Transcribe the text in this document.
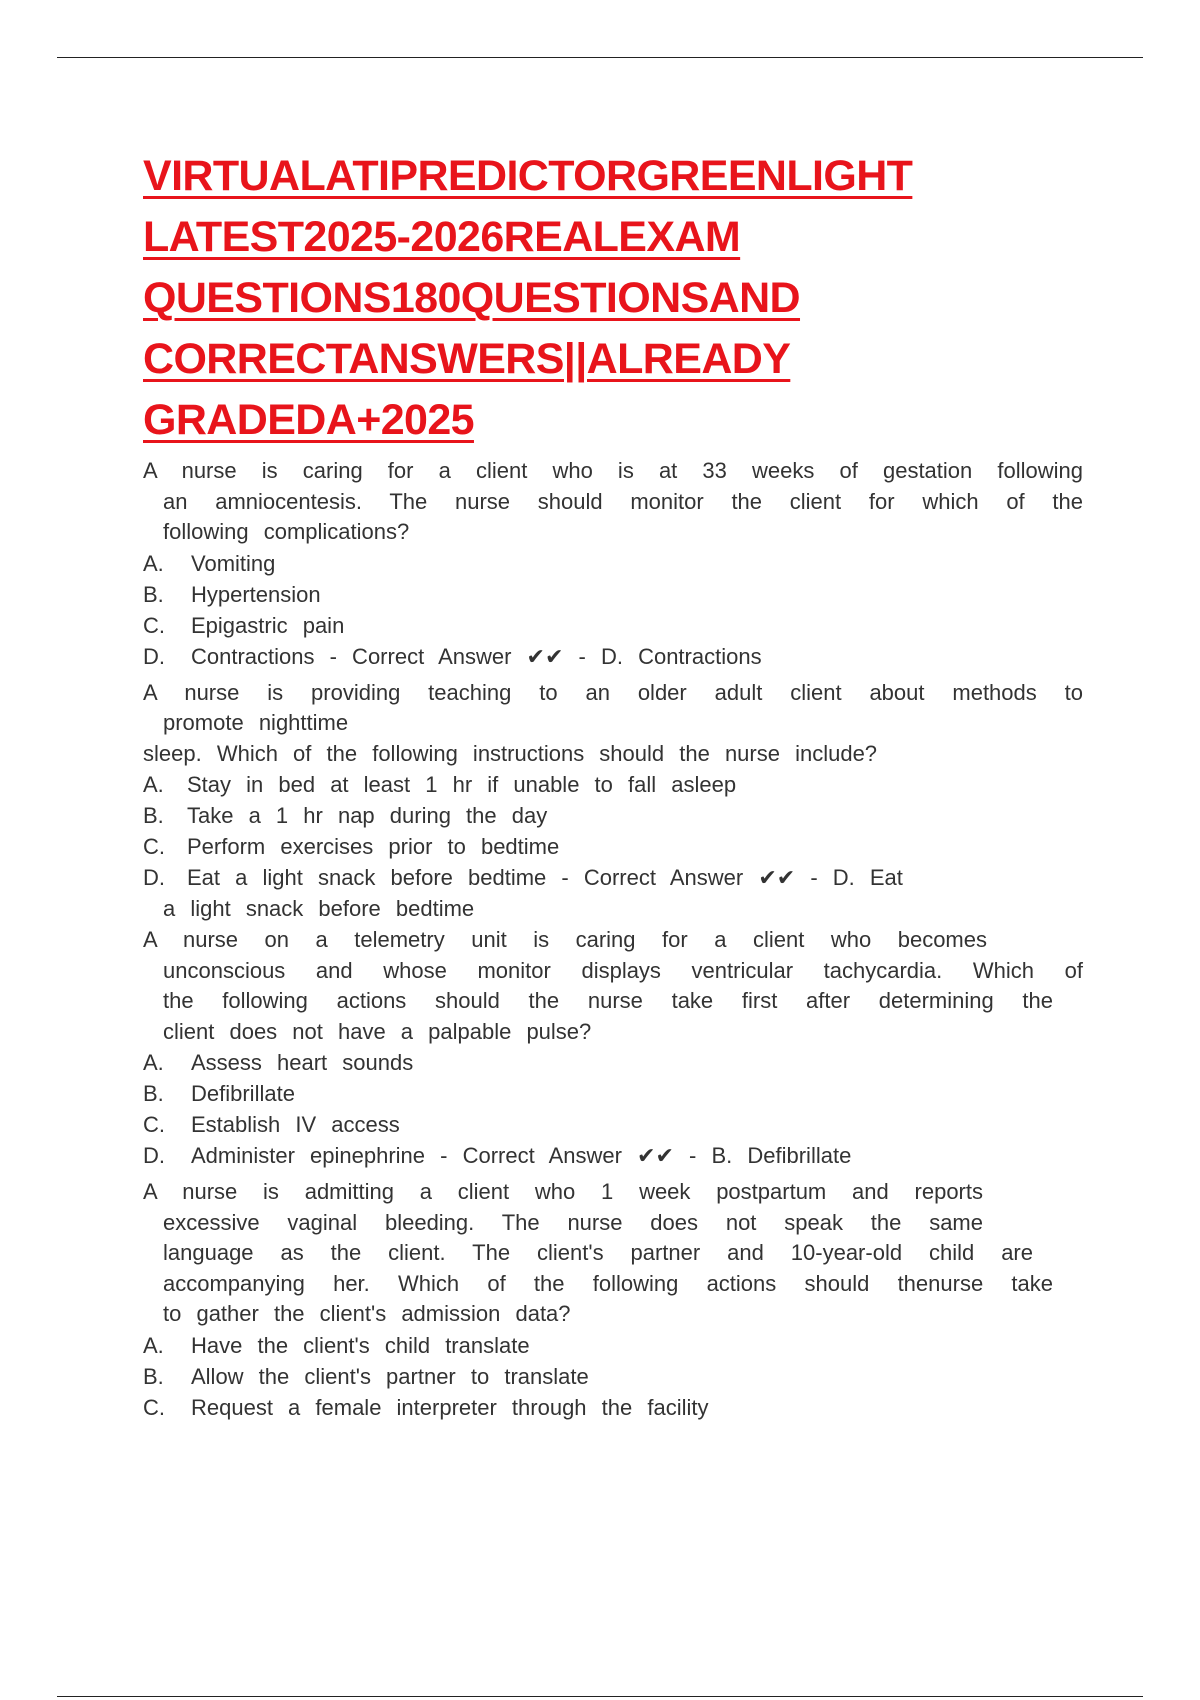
VIRTUALATIPREDICTORGREENLIGHT
LATEST2025-2026REALEXAM
QUESTIONS180QUESTIONSAND
CORRECTANSWERS||ALREADY
GRADEDA+2025
A nurse is caring for a client who is at 33 weeks of gestation following
an amniocentesis. The nurse should monitor the client for which of the
following complications?
A. Vomiting
B. Hypertension
C. Epigastric pain
D. Contractions - Correct Answer ✔✔ - D. Contractions
A nurse is providing teaching to an older adult client about methods to
promote nighttime
sleep. Which of the following instructions should the nurse include?
A. Stay in bed at least 1 hr if unable to fall asleep
B. Take a 1 hr nap during the day
C. Perform exercises prior to bedtime
D. Eat a light snack before bedtime - Correct Answer ✔✔ - D. Eat
a light snack before bedtime
A nurse on a telemetry unit is caring for a client who becomes
unconscious and whose monitor displays ventricular tachycardia. Which of
the following actions should the nurse take first after determining the
client does not have a palpable pulse?
A. Assess heart sounds
B. Defibrillate
C. Establish IV access
D. Administer epinephrine - Correct Answer ✔✔ - B. Defibrillate
A nurse is admitting a client who 1 week postpartum and reports
excessive vaginal bleeding. The nurse does not speak the same
language as the client. The client's partner and 10-year-old child are
accompanying her. Which of the following actions should thenurse take
to gather the client's admission data?
A. Have the client's child translate
B. Allow the client's partner to translate
C. Request a female interpreter through the facility
